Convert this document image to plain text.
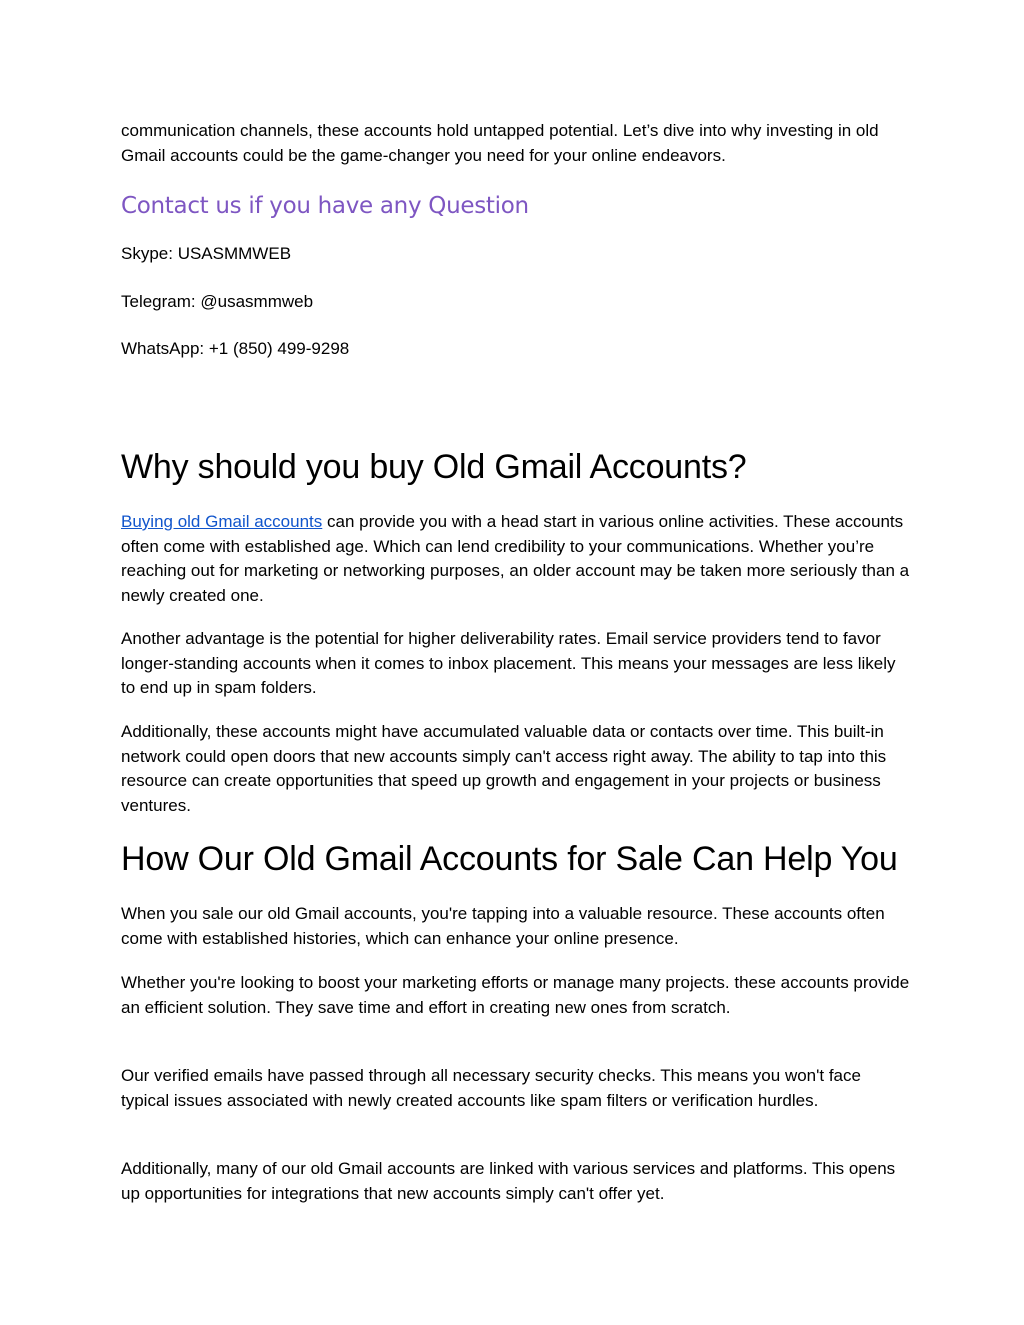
communication channels, these accounts hold untapped potential. Let’s dive into why investing in old Gmail accounts could be the game-changer you need for your online endeavors.

Contact us if you have any Question

Skype: USASMMWEB

Telegram: @usasmmweb

WhatsApp: +1 (850) 499-9298

Why should you buy Old Gmail Accounts?

Buying old Gmail accounts can provide you with a head start in various online activities. These accounts often come with established age. Which can lend credibility to your communications. Whether you’re reaching out for marketing or networking purposes, an older account may be taken more seriously than a newly created one.

Another advantage is the potential for higher deliverability rates. Email service providers tend to favor longer-standing accounts when it comes to inbox placement. This means your messages are less likely to end up in spam folders.

Additionally, these accounts might have accumulated valuable data or contacts over time. This built-in network could open doors that new accounts simply can't access right away. The ability to tap into this resource can create opportunities that speed up growth and engagement in your projects or business ventures.

How Our Old Gmail Accounts for Sale Can Help You

When you sale our old Gmail accounts, you're tapping into a valuable resource. These accounts often come with established histories, which can enhance your online presence.

Whether you're looking to boost your marketing efforts or manage many projects. these accounts provide an efficient solution. They save time and effort in creating new ones from scratch.

Our verified emails have passed through all necessary security checks. This means you won't face typical issues associated with newly created accounts like spam filters or verification hurdles.

Additionally, many of our old Gmail accounts are linked with various services and platforms. This opens up opportunities for integrations that new accounts simply can't offer yet.
